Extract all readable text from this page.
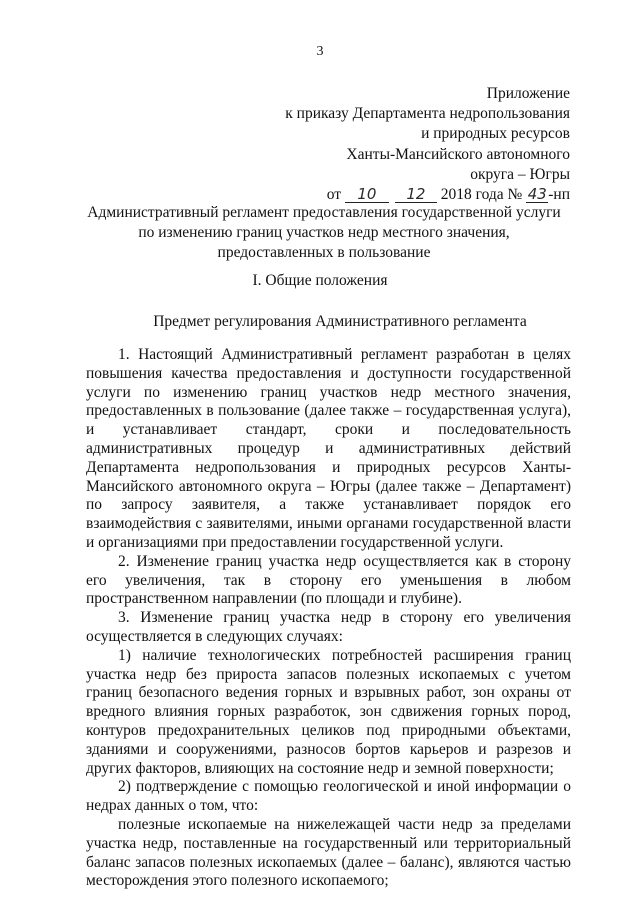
3
Приложение
к приказу Департамента недропользования
и природных ресурсов
Ханты-Мансийского автономного
округа – Югры
от 10 12 2018 года № 43-нп
Административный регламент предоставления государственной услуги по изменению границ участков недр местного значения, предоставленных в пользование
I. Общие положения
Предмет регулирования Административного регламента

1. Настоящий Административный регламент разработан в целях повышения качества предоставления и доступности государственной услуги по изменению границ участков недр местного значения, предоставленных в пользование (далее также – государственная услуга), и устанавливает стандарт, сроки и последовательность административных процедур и административных действий Департамента недропользования и природных ресурсов Ханты-Мансийского автономного округа – Югры (далее также – Департамент) по запросу заявителя, а также устанавливает порядок его взаимодействия с заявителями, иными органами государственной власти и организациями при предоставлении государственной услуги.

2. Изменение границ участка недр осуществляется как в сторону его увеличения, так в сторону его уменьшения в любом пространственном направлении (по площади и глубине).

3. Изменение границ участка недр в сторону его увеличения осуществляется в следующих случаях:

1) наличие технологических потребностей расширения границ участка недр без прироста запасов полезных ископаемых с учетом границ безопасного ведения горных и взрывных работ, зон охраны от вредного влияния горных разработок, зон сдвижения горных пород, контуров предохранительных целиков под природными объектами, зданиями и сооружениями, разносов бортов карьеров и разрезов и других факторов, влияющих на состояние недр и земной поверхности;

2) подтверждение с помощью геологической и иной информации о недрах данных о том, что:

полезные ископаемые на нижележащей части недр за пределами участка недр, поставленные на государственный или территориальный баланс запасов полезных ископаемых (далее – баланс), являются частью месторождения этого полезного ископаемого;
